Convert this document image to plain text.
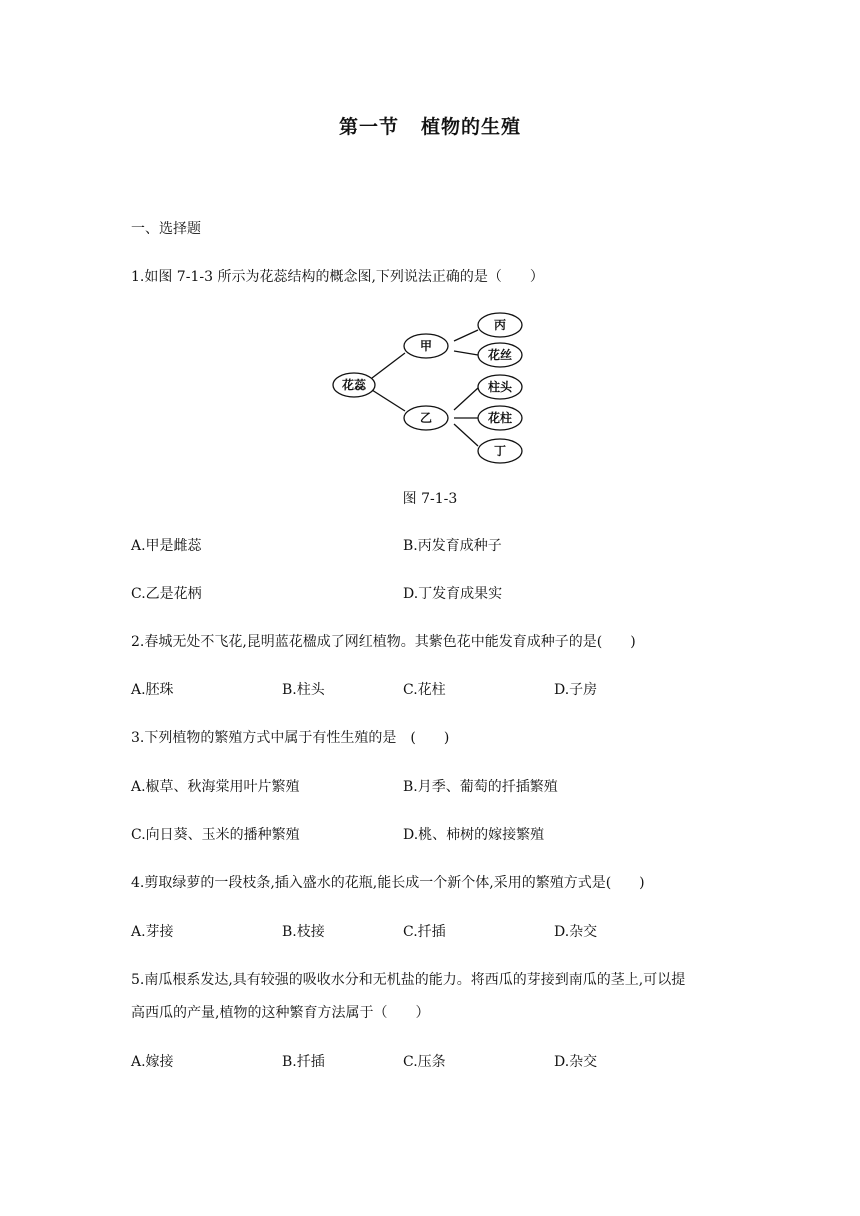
第一节 植物的生殖
一、选择题
1.如图 7-1-3 所示为花蕊结构的概念图,下列说法正确的是（　　）
花蕊
甲
乙
丙
花丝
柱头
花柱
丁
图 7-1-3
A.甲是雌蕊	B.丙发育成种子
C.乙是花柄	D.丁发育成果实
2.春城无处不飞花,昆明蓝花楹成了网红植物。其紫色花中能发育成种子的是(　　)
A.胚珠	B.柱头	C.花柱	D.子房
3.下列植物的繁殖方式中属于有性生殖的是　(　　)
A.椒草、秋海棠用叶片繁殖	B.月季、葡萄的扦插繁殖
C.向日葵、玉米的播种繁殖	D.桃、柿树的嫁接繁殖
4.剪取绿萝的一段枝条,插入盛水的花瓶,能长成一个新个体,采用的繁殖方式是(　　)
A.芽接	B.枝接	C.扦插	D.杂交
5.南瓜根系发达,具有较强的吸收水分和无机盐的能力。将西瓜的芽接到南瓜的茎上,可以提
高西瓜的产量,植物的这种繁育方法属于（　　）
A.嫁接	B.扦插	C.压条	D.杂交
